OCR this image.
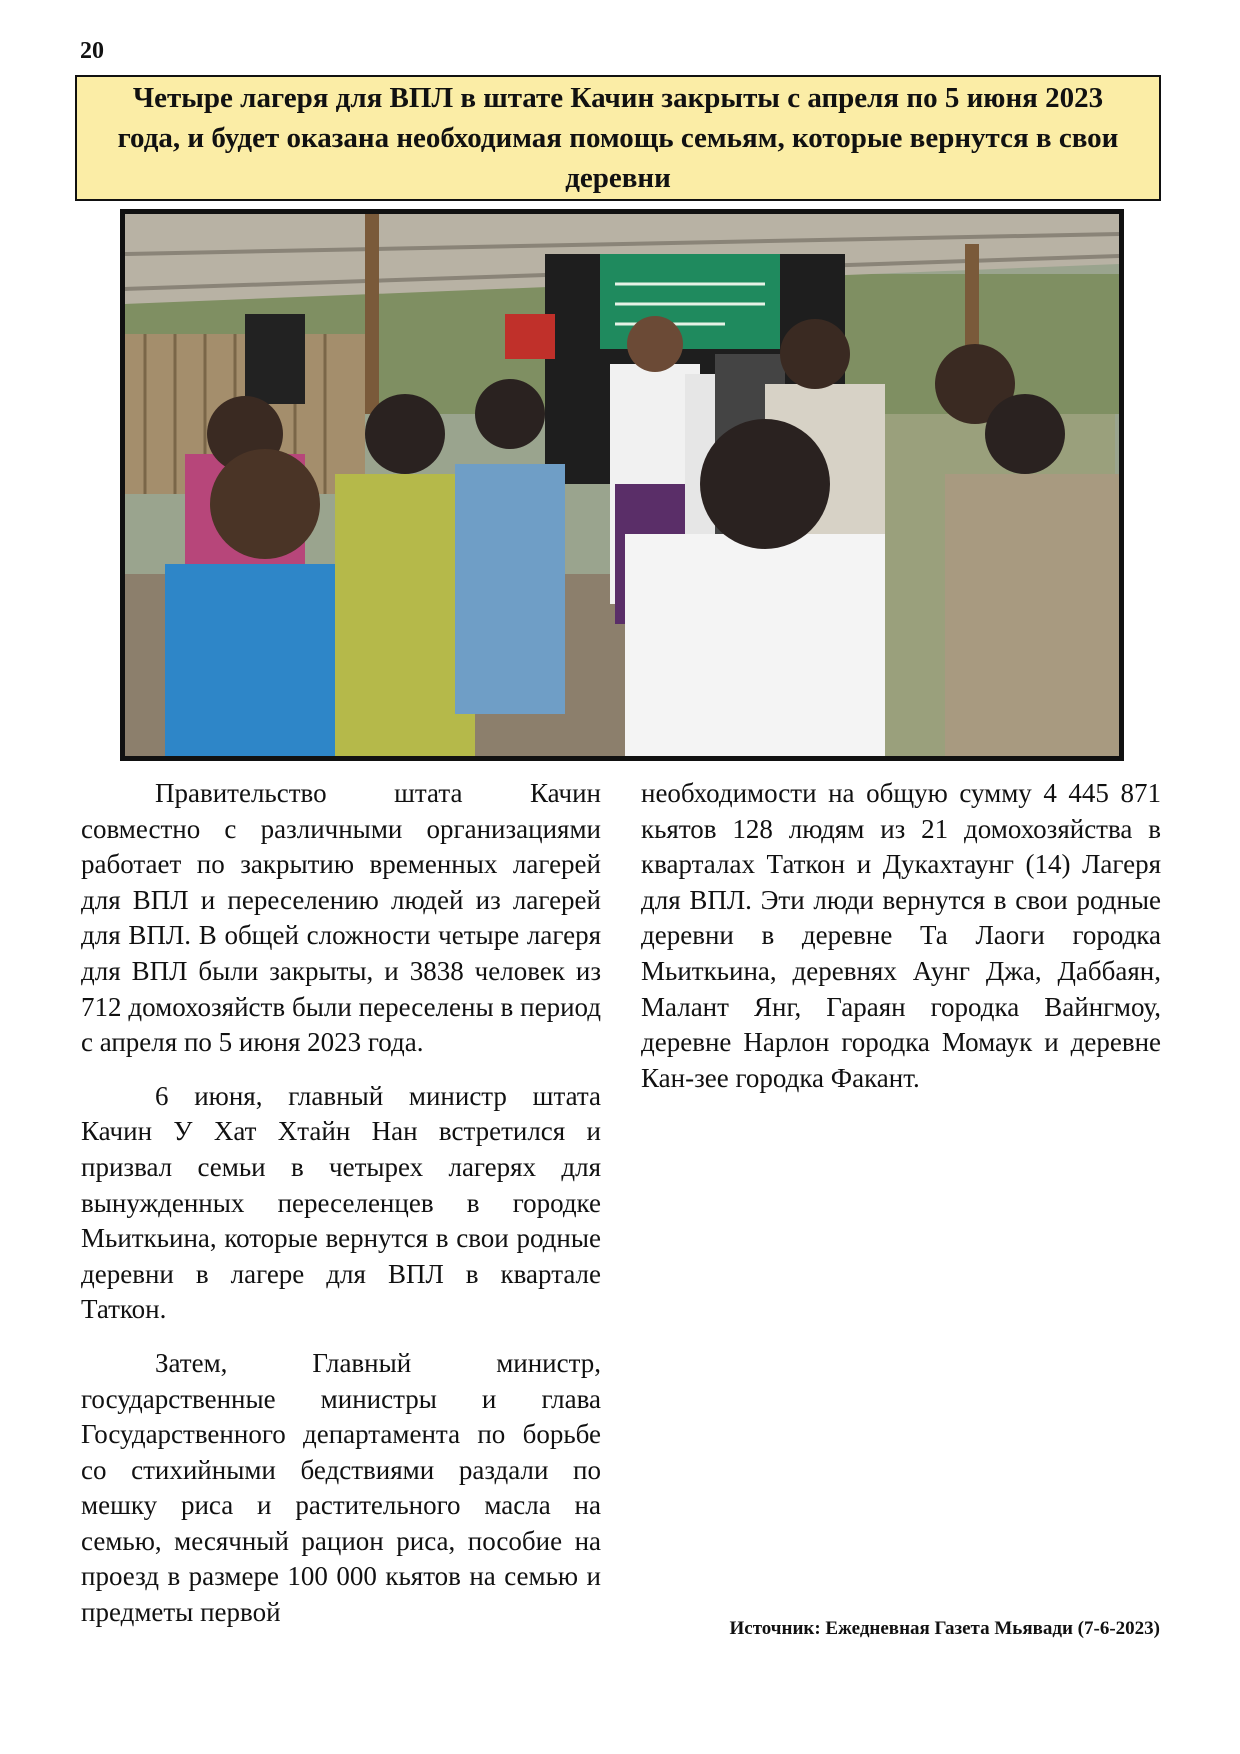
20
Четыре лагеря для ВПЛ в штате Качин закрыты с апреля по 5 июня 2023 года, и будет оказана необходимая помощь семьям, которые вернутся в свои деревни

Правительство штата Качин совместно с различными организациями работает по закрытию временных лагерей для ВПЛ и переселению людей из лагерей для ВПЛ. В общей сложности четыре лагеря для ВПЛ были закрыты, и 3838 человек из 712 домохозяйств были переселены в период с апреля по 5 июня 2023 года.

6 июня, главный министр штата Качин У Хат Хтайн Нан встретился и призвал семьи в четырех лагерях для вынужденных переселенцев в городке Мьиткьина, которые вернутся в свои родные деревни в лагере для ВПЛ в квартале Таткон.

Затем, Главный министр, государственные министры и глава Государственного департамента по борьбе со стихийными бедствиями раздали по мешку риса и растительного масла на семью, месячный рацион риса, пособие на проезд в размере 100 000 кьятов на семью и предметы первой

необходимости на общую сумму 4 445 871 кьятов 128 людям из 21 домохозяйства в кварталах Таткон и Дукахтаунг (14) Лагеря для ВПЛ. Эти люди вернутся в свои родные деревни в деревне Та Лаоги городка Мьиткьина, деревнях Аунг Джа, Даббаян, Малант Янг, Гараян городка Вайнгмоу, деревне Нарлон городка Момаук и деревне Кан-зее городка Факант.

Источник: Ежедневная Газета Мьявади (7-6-2023)
